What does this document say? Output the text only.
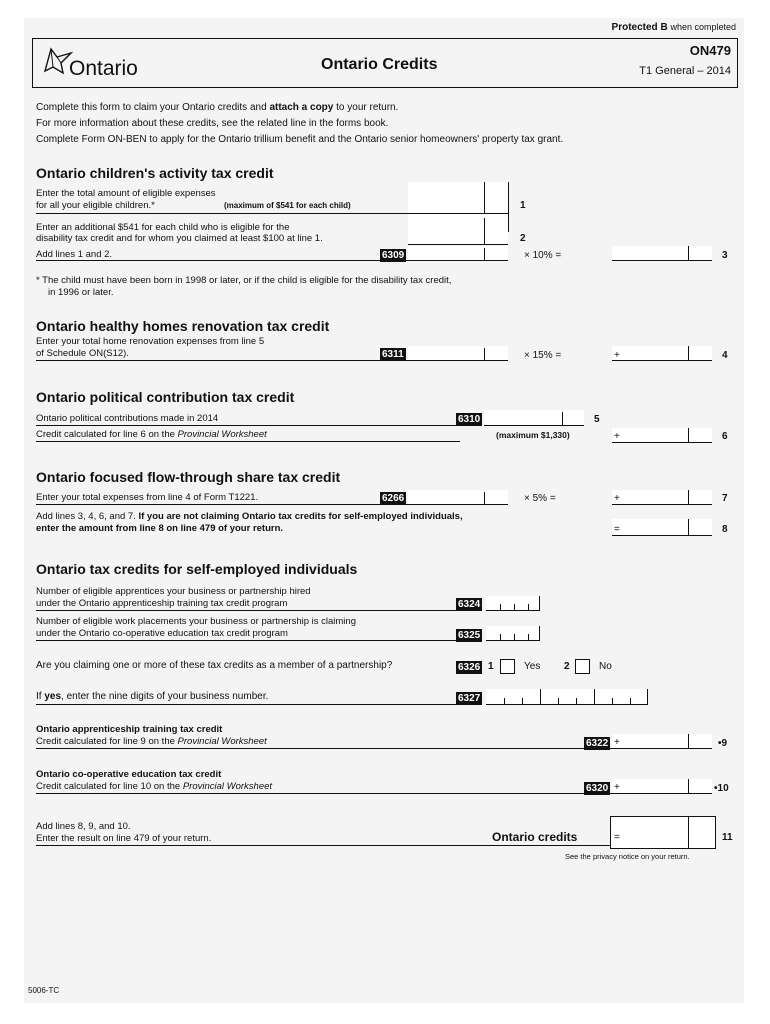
Protected B when completed
Ontario	Ontario Credits
ON479
T1 General – 2014
Complete this form to claim your Ontario credits and attach a copy to your return.
For more information about these credits, see the related line in the forms book.
Complete Form ON-BEN to apply for the Ontario trillium benefit and the Ontario senior homeowners' property tax grant.
Ontario children's activity tax credit
Enter the total amount of eligible expenses
for all your eligible children.*	(maximum of $541 for each child)	1
Enter an additional $541 for each child who is eligible for the
disability tax credit and for whom you claimed at least $100 at line 1.	2
Add lines 1 and 2.	6309	× 10% =	3
* The child must have been born in 1998 or later, or if the child is eligible for the disability tax credit,
in 1996 or later.
Ontario healthy homes renovation tax credit
Enter your total home renovation expenses from line 5
of Schedule ON(S12).	6311	× 15% =	+	4
Ontario political contribution tax credit
Ontario political contributions made in 2014	6310	5
Credit calculated for line 6 on the Provincial Worksheet	(maximum $1,330)	+	6
Ontario focused flow-through share tax credit
Enter your total expenses from line 4 of Form T1221.	6266	× 5% =	+	7
Add lines 3, 4, 6, and 7. If you are not claiming Ontario tax credits for self-employed individuals,
enter the amount from line 8 on line 479 of your return.	=	8
Ontario tax credits for self-employed individuals
Number of eligible apprentices your business or partnership hired
under the Ontario apprenticeship training tax credit program	6324
Number of eligible work placements your business or partnership is claiming
under the Ontario co-operative education tax credit program	6325
Are you claiming one or more of these tax credits as a member of a partnership?	6326 1	Yes 2	No
If yes, enter the nine digits of your business number.	6327
Ontario apprenticeship training tax credit
Credit calculated for line 9 on the Provincial Worksheet	6322 +	•9
Ontario co-operative education tax credit
Credit calculated for line 10 on the Provincial Worksheet	6320 +	•10
Add lines 8, 9, and 10.
Enter the result on line 479 of your return.	Ontario credits	=	11
See the privacy notice on your return.
5006-TC
